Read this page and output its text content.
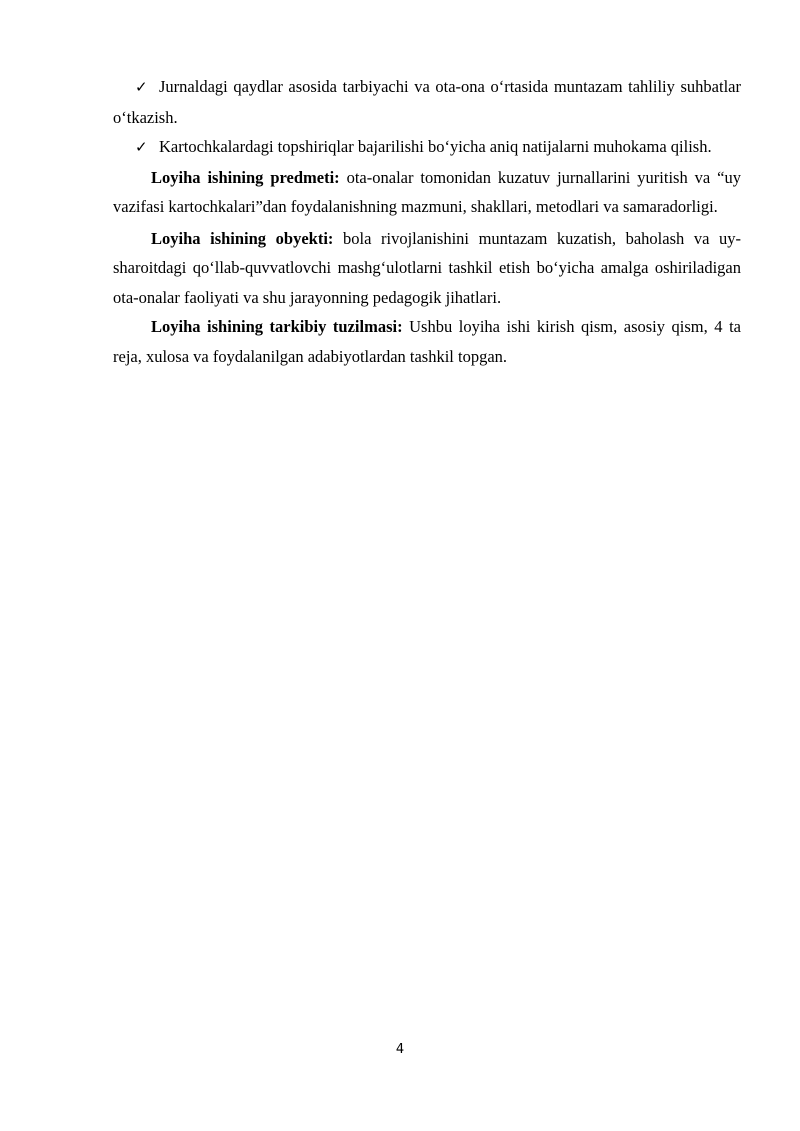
✓ Jurnaldagi qaydlar asosida tarbiyachi va ota-ona o‘rtasida muntazam tahliliy suhbatlar o‘tkazish.

✓ Kartochkalardagi topshiriqlar bajarilishi bo‘yicha aniq natijalarni muhokama qilish.

Loyiha ishining predmeti: ota-onalar tomonidan kuzatuv jurnallarini yuritish va “uy vazifasi kartochkalari”dan foydalanishning mazmuni, shakllari, metodlari va samaradorligi.

Loyiha ishining obyekti: bola rivojlanishini muntazam kuzatish, baholash va uy-sharoitdagi qo‘llab-quvvatlovchi mashg‘ulotlarni tashkil etish bo‘yicha amalga oshiriladigan ota-onalar faoliyati va shu jarayonning pedagogik jihatlari.

Loyiha ishining tarkibiy tuzilmasi: Ushbu loyiha ishi kirish qism, asosiy qism, 4 ta reja, xulosa va foydalanilgan adabiyotlardan tashkil topgan.

4
